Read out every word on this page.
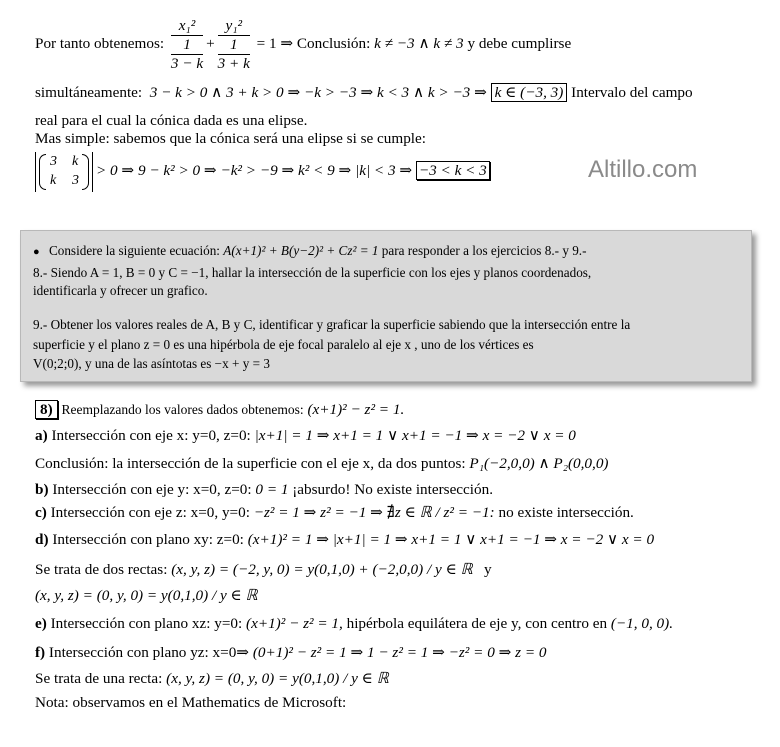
Por tanto obtenemos: $\frac{\text{x₁²}}{\frac{1}{3 - k}} + \frac{\text{y₁²}}{\frac{1}{3 + k}} = 1$ ⇒ Conclusión: k ≠ −3 ∧ k ≠ 3 y debe cumplirse
simultáneamente: 3 − k > 0 ∧ 3 + k > 0 ⇒ −k > −3 ⇒ k < 3 ∧ k > −3 ⇒ k ∈ (−3, 3) Intervalo del campo
real para el cual la cónica dada es una elipse.
Mas simple: sabemos que la cónica será una elipse si se cumple:
3 k
k 3
> 0 ⇒ 9 − k² > 0 ⇒ −k² > −9 ⇒ k² < 9 ⇒ |k| < 3 ⇒ −3 < k < 3	Altillo.com
● Considere la siguiente ecuación: A(x+1)² + B(y−2)² + Cz² = 1 para responder a los ejercicios 8.- y 9.-
8.- Siendo A = 1, B = 0 y C = −1, hallar la intersección de la superficie con los ejes y planos coordenados,
identificarla y ofrecer un grafico.
9.- Obtener los valores reales de A, B y C, identificar y graficar la superficie sabiendo que la intersección entre la
superficie y el plano z = 0 es una hipérbola de eje focal paralelo al eje x , uno de los vértices es
V(0;2;0), y una de las asíntotas es −x + y = 3
8) Reemplazando los valores dados obtenemos: (x+1)² − z² = 1.
a) Intersección con eje x: y=0, z=0: |x+1| = 1 ⇒ x+1 = 1 ∨ x+1 = −1 ⇒ x = −2 ∨ x = 0
Conclusión: la intersección de la superficie con el eje x, da dos puntos: P₁(−2,0,0) ∧ P₂(0,0,0)
b) Intersección con eje y: x=0, z=0: 0 = 1 ¡absurdo! No existe intersección.
c) Intersección con eje z: x=0, y=0: −z² = 1 ⇒ z² = −1 ⇒ ∄z ∈ ℝ / z² = −1: no existe intersección.
d) Intersección con plano xy: z=0: (x+1)² = 1 ⇒ |x+1| = 1 ⇒ x+1 = 1 ∨ x+1 = −1 ⇒ x = −2 ∨ x = 0
Se trata de dos rectas: (x, y, z) = (−2, y, 0) = y(0,1,0) + (−2,0,0) / y ∈ ℝ y
(x, y, z) = (0, y, 0) = y(0,1,0) / y ∈ ℝ
e) Intersección con plano xz: y=0: (x+1)² − z² = 1, hipérbola equilátera de eje y, con centro en (−1, 0, 0).
f) Intersección con plano yz: x=0⇒ (0+1)² − z² = 1 ⇒ 1 − z² = 1 ⇒ −z² = 0 ⇒ z = 0
Se trata de una recta: (x, y, z) = (0, y, 0) = y(0,1,0) / y ∈ ℝ
Nota: observamos en el Mathematics de Microsoft:
